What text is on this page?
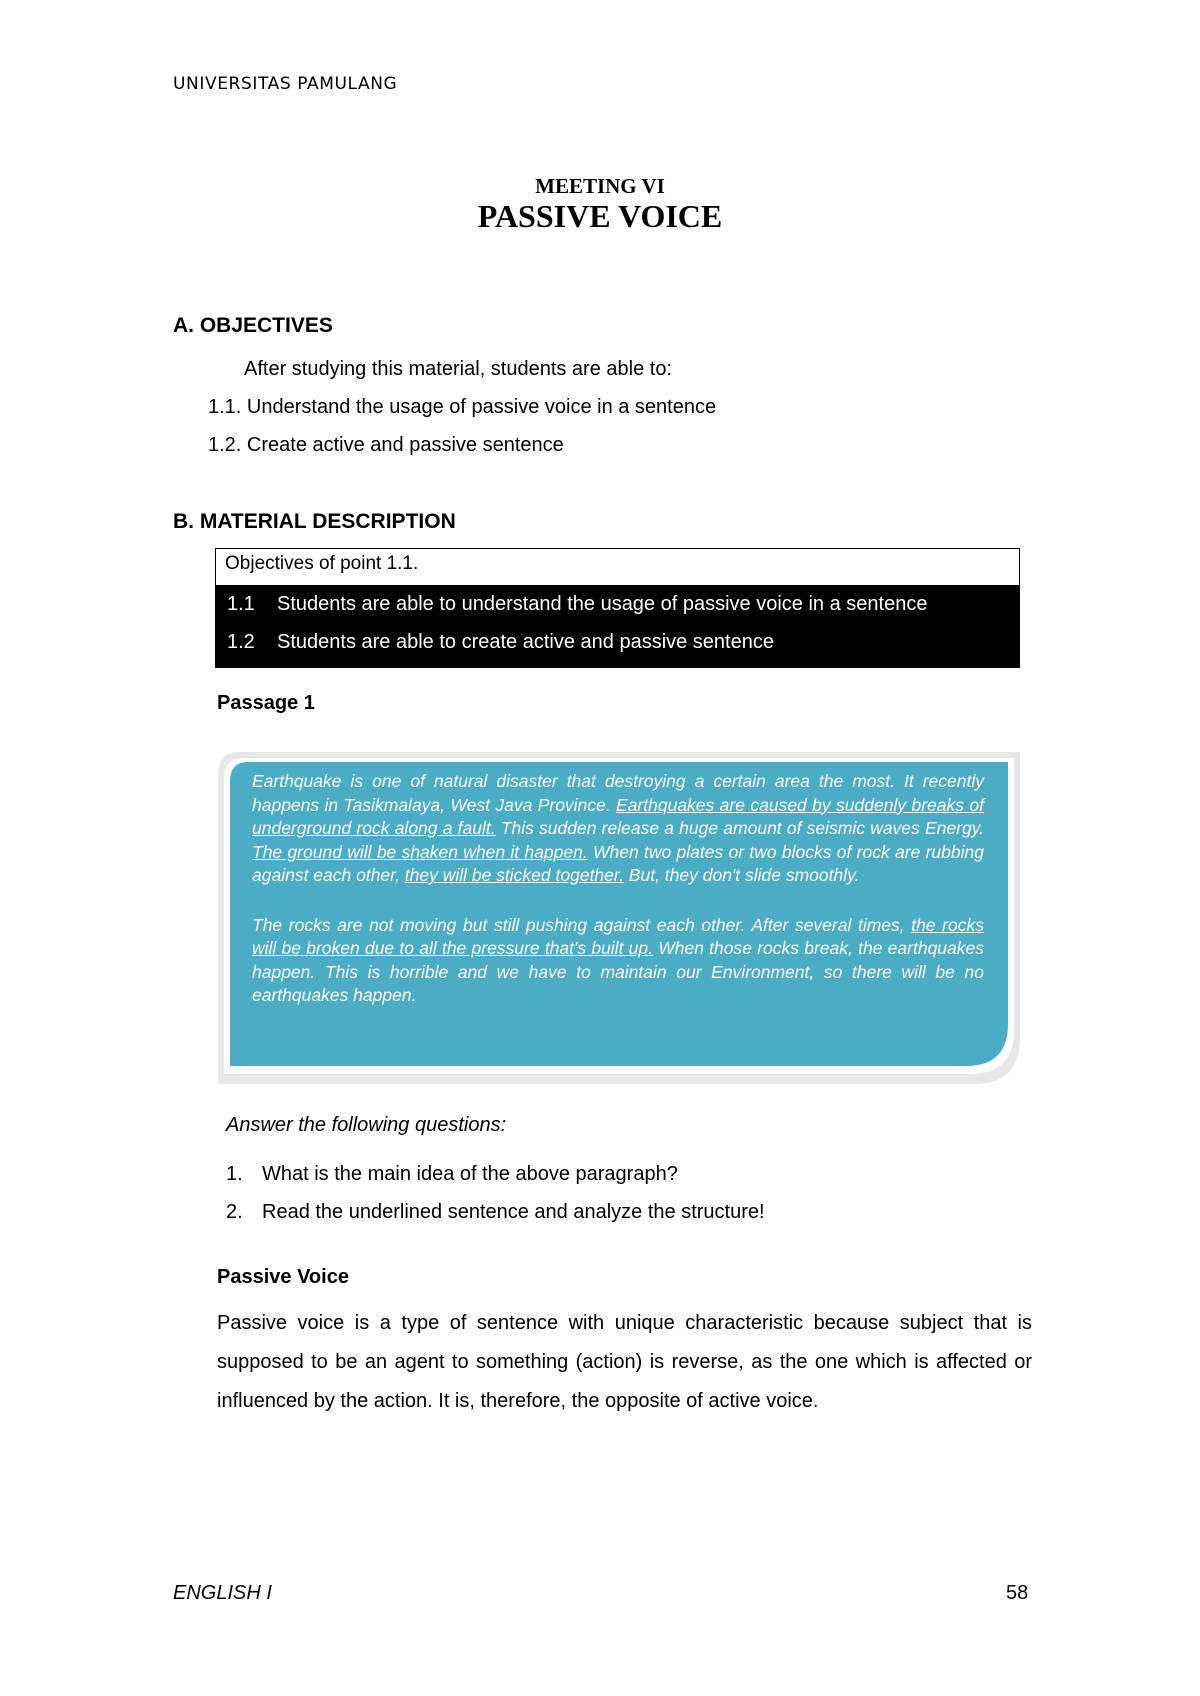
UNIVERSITAS PAMULANG
MEETING VI
PASSIVE VOICE
A. OBJECTIVES
After studying this material, students are able to:
1.1. Understand the usage of passive voice in a sentence
1.2. Create active and passive sentence
B. MATERIAL DESCRIPTION
Objectives of point 1.1.
1.1 Students are able to understand the usage of passive voice in a sentence
1.2 Students are able to create active and passive sentence
Passage 1

Earthquake is one of natural disaster that destroying a certain area the most. It recently happens in Tasikmalaya, West Java Province. Earthquakes are caused by suddenly breaks of underground rock along a fault. This sudden release a huge amount of seismic waves Energy. The ground will be shaken when it happen. When two plates or two blocks of rock are rubbing against each other, they will be sticked together. But, they don't slide smoothly.

The rocks are not moving but still pushing against each other. After several times, the rocks will be broken due to all the pressure that's built up. When those rocks break, the earthquakes happen. This is horrible and we have to maintain our Environment, so there will be no earthquakes happen.

Answer the following questions:
1. What is the main idea of the above paragraph?
2. Read the underlined sentence and analyze the structure!
Passive Voice
Passive voice is a type of sentence with unique characteristic because subject that is supposed to be an agent to something (action) is reverse, as the one which is affected or influenced by the action. It is, therefore, the opposite of active voice.
ENGLISH I	58
